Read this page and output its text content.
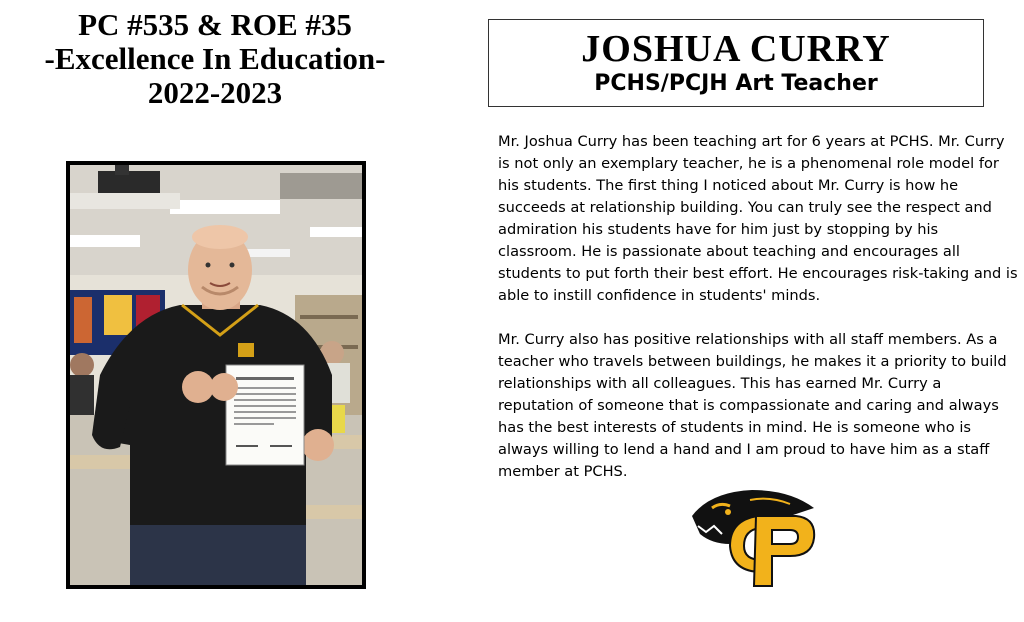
PC #535 & ROE #35
-Excellence In Education-
2022-2023
JOSHUA CURRY
PCHS/PCJH Art Teacher

Mr. Joshua Curry has been teaching art for 6 years at PCHS. Mr. Curry is not only an exemplary teacher, he is a phenomenal role model for his students. The first thing I noticed about Mr. Curry is how he succeeds at relationship building. You can truly see the respect and admiration his students have for him just by stopping by his classroom. He is passionate about teaching and encourages all students to put forth their best effort. He encourages risk-taking and is able to instill confidence in students' minds.

Mr. Curry also has positive relationships with all staff members. As a teacher who travels between buildings, he makes it a priority to build relationships with all colleagues. This has earned Mr. Curry a reputation of someone that is compassionate and caring and always has the best interests of students in mind. He is someone who is always willing to lend a hand and I am proud to have him as a staff member at PCHS.
